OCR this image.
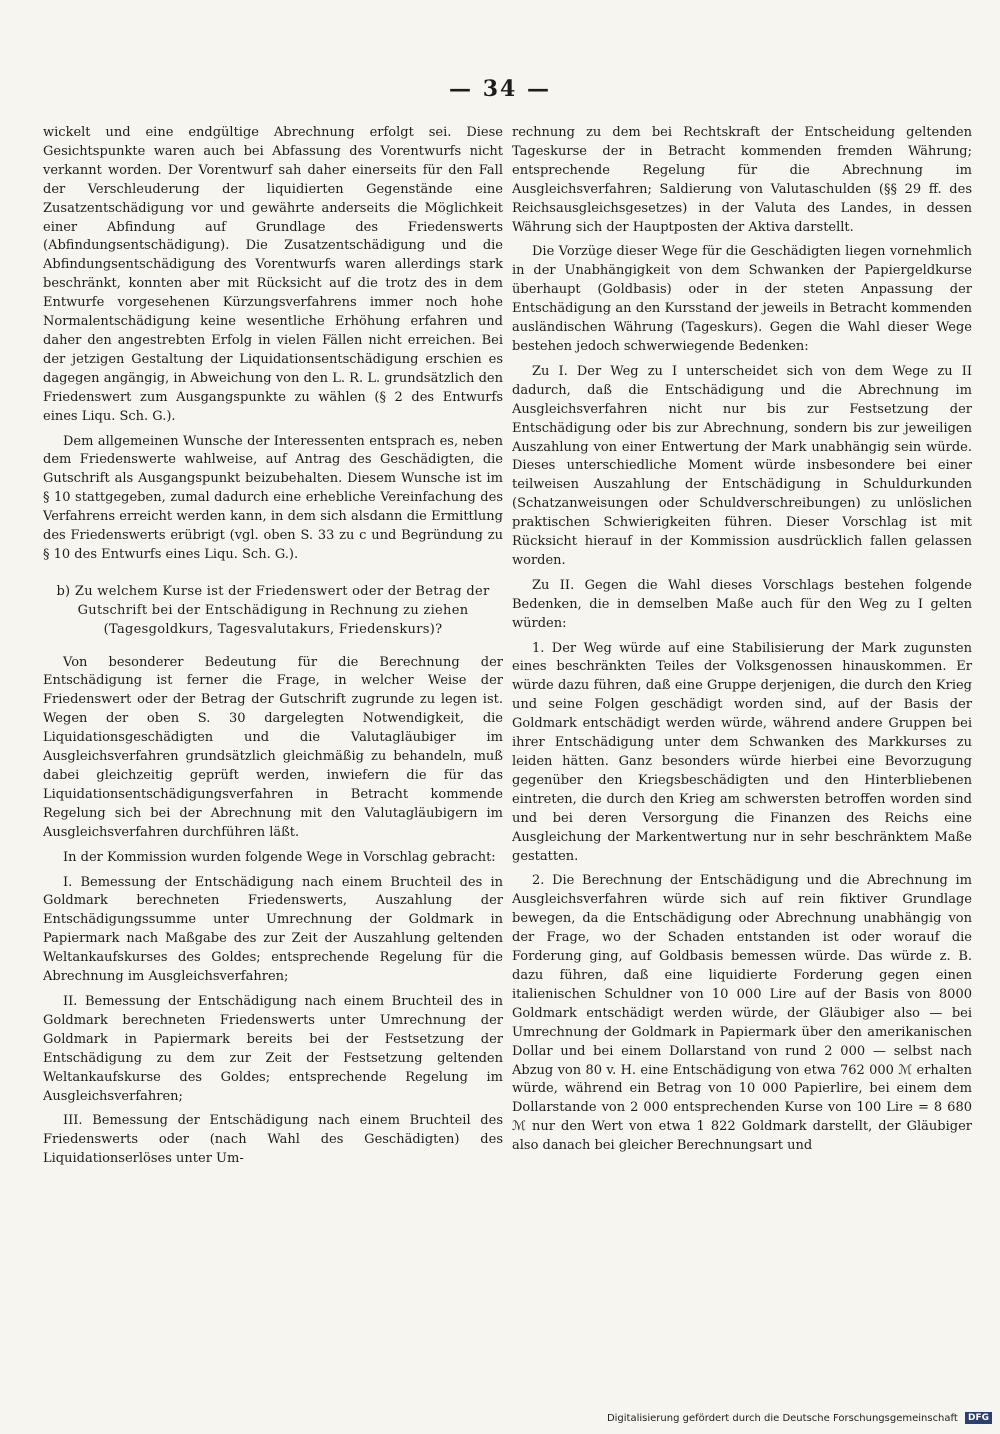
— 34 —

wickelt und eine endgültige Abrechnung erfolgt sei. Diese Gesichtspunkte waren auch bei Abfassung des Vorentwurfs nicht verkannt worden. Der Vorentwurf sah daher einerseits für den Fall der Verschleuderung der liquidierten Gegenstände eine Zusatzentschädigung vor und gewährte anderseits die Möglichkeit einer Abfindung auf Grundlage des Friedenswerts (Abfindungsentschädigung). Die Zusatzentschädigung und die Abfindungsentschädigung des Vorentwurfs waren allerdings stark beschränkt, konnten aber mit Rücksicht auf die trotz des in dem Entwurfe vorgesehenen Kürzungsverfahrens immer noch hohe Normalentschädigung keine wesentliche Erhöhung erfahren und daher den angestrebten Erfolg in vielen Fällen nicht erreichen. Bei der jetzigen Gestaltung der Liquidationsentschädigung erschien es dagegen angängig, in Abweichung von den L. R. L. grundsätzlich den Friedenswert zum Ausgangspunkte zu wählen (§ 2 des Entwurfs eines Liqu. Sch. G.).

Dem allgemeinen Wunsche der Interessenten entsprach es, neben dem Friedenswerte wahlweise, auf Antrag des Geschädigten, die Gutschrift als Ausgangspunkt beizubehalten. Diesem Wunsche ist im § 10 stattgegeben, zumal dadurch eine erhebliche Vereinfachung des Verfahrens erreicht werden kann, in dem sich alsdann die Ermittlung des Friedenswerts erübrigt (vgl. oben S. 33 zu c und Begründung zu § 10 des Entwurfs eines Liqu. Sch. G.).

b) Zu welchem Kurse ist der Friedenswert oder der Betrag der Gutschrift bei der Entschädigung in Rechnung zu ziehen (Tagesgoldkurs, Tagesvalutakurs, Friedenskurs)?

Von besonderer Bedeutung für die Berechnung der Entschädigung ist ferner die Frage, in welcher Weise der Friedenswert oder der Betrag der Gutschrift zugrunde zu legen ist. Wegen der oben S. 30 dargelegten Notwendigkeit, die Liquidationsgeschädigten und die Valutagläubiger im Ausgleichsverfahren grundsätzlich gleichmäßig zu behandeln, muß dabei gleichzeitig geprüft werden, inwiefern die für das Liquidationsentschädigungsverfahren in Betracht kommende Regelung sich bei der Abrechnung mit den Valutagläubigern im Ausgleichsverfahren durchführen läßt.

In der Kommission wurden folgende Wege in Vorschlag gebracht:

I. Bemessung der Entschädigung nach einem Bruchteil des in Goldmark berechneten Friedenswerts, Auszahlung der Entschädigungssumme unter Umrechnung der Goldmark in Papiermark nach Maßgabe des zur Zeit der Auszahlung geltenden Weltankaufskurses des Goldes; entsprechende Regelung für die Abrechnung im Ausgleichsverfahren;

II. Bemessung der Entschädigung nach einem Bruchteil des in Goldmark berechneten Friedenswerts unter Umrechnung der Goldmark in Papiermark bereits bei der Festsetzung der Entschädigung zu dem zur Zeit der Festsetzung geltenden Weltankaufskurse des Goldes; entsprechende Regelung im Ausgleichsverfahren;

III. Bemessung der Entschädigung nach einem Bruchteil des Friedenswerts oder (nach Wahl des Geschädigten) des Liquidationserlöses unter Um-

rechnung zu dem bei Rechtskraft der Entscheidung geltenden Tageskurse der in Betracht kommenden fremden Währung; entsprechende Regelung für die Abrechnung im Ausgleichsverfahren; Saldierung von Valutaschulden (§§ 29 ff. des Reichsausgleichsgesetzes) in der Valuta des Landes, in dessen Währung sich der Hauptposten der Aktiva darstellt.

Die Vorzüge dieser Wege für die Geschädigten liegen vornehmlich in der Unabhängigkeit von dem Schwanken der Papiergeldkurse überhaupt (Goldbasis) oder in der steten Anpassung der Entschädigung an den Kursstand der jeweils in Betracht kommenden ausländischen Währung (Tageskurs). Gegen die Wahl dieser Wege bestehen jedoch schwerwiegende Bedenken:

Zu I. Der Weg zu I unterscheidet sich von dem Wege zu II dadurch, daß die Entschädigung und die Abrechnung im Ausgleichsverfahren nicht nur bis zur Festsetzung der Entschädigung oder bis zur Abrechnung, sondern bis zur jeweiligen Auszahlung von einer Entwertung der Mark unabhängig sein würde. Dieses unterschiedliche Moment würde insbesondere bei einer teilweisen Auszahlung der Entschädigung in Schuldurkunden (Schatzanweisungen oder Schuldverschreibungen) zu unlöslichen praktischen Schwierigkeiten führen. Dieser Vorschlag ist mit Rücksicht hierauf in der Kommission ausdrücklich fallen gelassen worden.

Zu II. Gegen die Wahl dieses Vorschlags bestehen folgende Bedenken, die in demselben Maße auch für den Weg zu I gelten würden:

1. Der Weg würde auf eine Stabilisierung der Mark zugunsten eines beschränkten Teiles der Volksgenossen hinauskommen. Er würde dazu führen, daß eine Gruppe derjenigen, die durch den Krieg und seine Folgen geschädigt worden sind, auf der Basis der Goldmark entschädigt werden würde, während andere Gruppen bei ihrer Entschädigung unter dem Schwanken des Markkurses zu leiden hätten. Ganz besonders würde hierbei eine Bevorzugung gegenüber den Kriegsbeschädigten und den Hinterbliebenen eintreten, die durch den Krieg am schwersten betroffen worden sind und bei deren Versorgung die Finanzen des Reichs eine Ausgleichung der Markentwertung nur in sehr beschränktem Maße gestatten.

2. Die Berechnung der Entschädigung und die Abrechnung im Ausgleichsverfahren würde sich auf rein fiktiver Grundlage bewegen, da die Entschädigung oder Abrechnung unabhängig von der Frage, wo der Schaden entstanden ist oder worauf die Forderung ging, auf Goldbasis bemessen würde. Das würde z. B. dazu führen, daß eine liquidierte Forderung gegen einen italienischen Schuldner von 10 000 Lire auf der Basis von 8000 Goldmark entschädigt werden würde, der Gläubiger also — bei Umrechnung der Goldmark in Papiermark über den amerikanischen Dollar und bei einem Dollarstand von rund 2 000 — selbst nach Abzug von 80 v. H. eine Entschädigung von etwa 762 000 ℳ erhalten würde, während ein Betrag von 10 000 Papierlire, bei einem dem Dollarstande von 2 000 entsprechenden Kurse von 100 Lire = 8 680 ℳ nur den Wert von etwa 1 822 Goldmark darstellt, der Gläubiger also danach bei gleicher Berechnungsart und

Digitalisierung gefördert durch die Deutsche Forschungsgemeinschaft DFG
